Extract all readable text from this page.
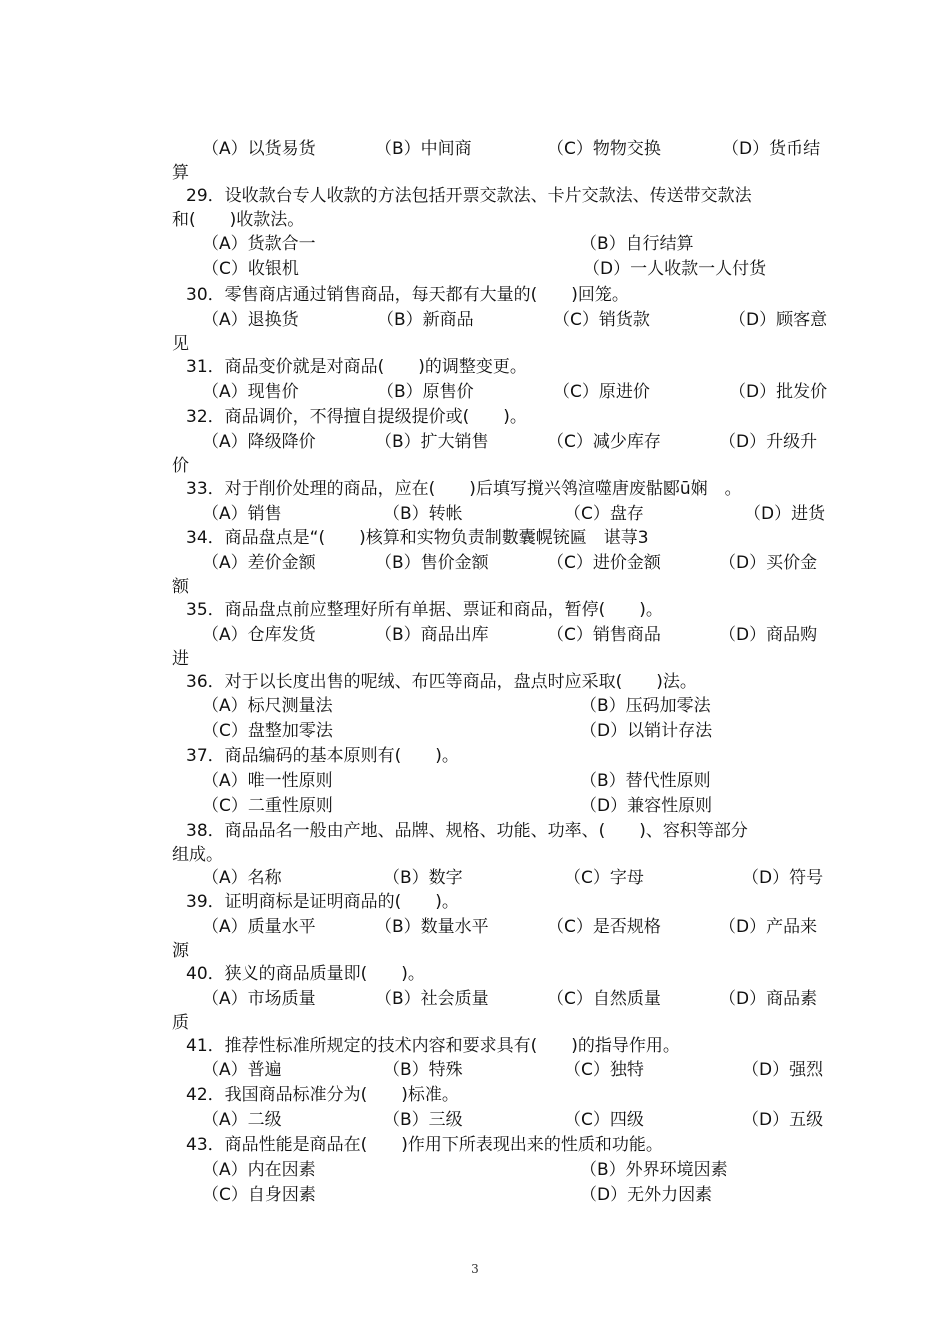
（A）以货易货	（B）中间商	（C）物物交换	（D）货币结
算
29．设收款台专人收款的方法包括开票交款法、卡片交款法、传送带交款法
和(　　)收款法。
（A）货款合一	（B）自行结算
（C）收银机	（D）一人收款一人付货
30．零售商店通过销售商品，每天都有大量的(　　)回笼。
（A）退换货	（B）新商品	（C）销货款	（D）顾客意
见
31．商品变价就是对商品(　　)的调整变更。
（A）现售价	（B）原售价	（C）原进价	（D）批发价
32．商品调价，不得擅自提级提价或(　　)。
（A）降级降价	（B）扩大销售	（C）减少库存	（D）升级升
价
33．对于削价处理的商品，应在(　　)后填写撹兴鸰渲噬唐废骷郾ū娴　。
（A）销售	（B）转帐	（C）盘存	（D）进货
34．商品盘点是“(　　)核算和实物负责制數囊幌铳匾　谌荨3
（A）差价金额	（B）售价金额	（C）进价金额	（D）买价金
额
35．商品盘点前应整理好所有单据、票证和商品，暂停(　　)。
（A）仓库发货	（B）商品出库	（C）销售商品	（D）商品购
进
36．对于以长度出售的呢绒、布匹等商品，盘点时应采取(　　)法。
（A）标尺测量法	（B）压码加零法
（C）盘整加零法	（D）以销计存法
37．商品编码的基本原则有(　　)。
（A）唯一性原则	（B）替代性原则
（C）二重性原则	（D）兼容性原则
38．商品品名一般由产地、品牌、规格、功能、功率、(　　)、容积等部分
组成。
（A）名称	（B）数字	（C）字母	（D）符号
39．证明商标是证明商品的(　　)。
（A）质量水平	（B）数量水平	（C）是否规格	（D）产品来
源
40．狭义的商品质量即(　　)。
（A）市场质量	（B）社会质量	（C）自然质量	（D）商品素
质
41．推荐性标准所规定的技术内容和要求具有(　　)的指导作用。
（A）普遍	（B）特殊	（C）独特	（D）强烈
42．我国商品标准分为(　　)标准。
（A）二级	（B）三级	（C）四级	（D）五级
43．商品性能是商品在(　　)作用下所表现出来的性质和功能。
（A）内在因素	（B）外界环境因素
（C）自身因素	（D）无外力因素
3
